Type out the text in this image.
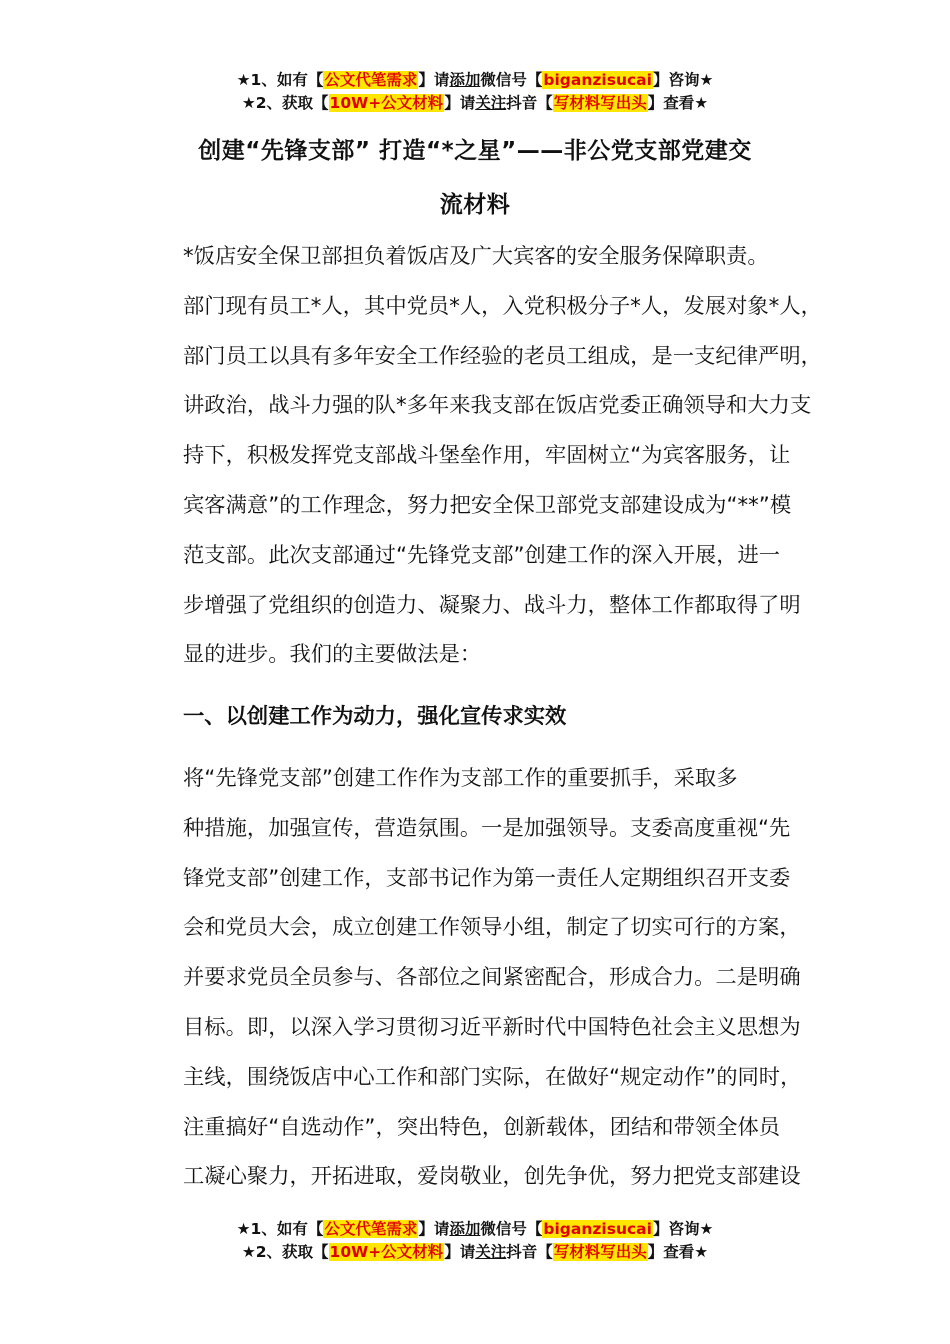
★1、如有【公文代笔需求】请添加微信号【biganzisucai】咨询★
★2、获取【10W+公文材料】请关注抖音【写材料写出头】查看★
创建“先锋支部” 打造“*之星”——非公党支部党建交
流材料

*饭店安全保卫部担负着饭店及广大宾客的安全服务保障职责。
部门现有员工*人，其中党员*人，入党积极分子*人，发展对象*人，
部门员工以具有多年安全工作经验的老员工组成，是一支纪律严明，
讲政治，战斗力强的队*多年来我支部在饭店党委正确领导和大力支
持下，积极发挥党支部战斗堡垒作用，牢固树立“为宾客服务，让
宾客满意”的工作理念，努力把安全保卫部党支部建设成为“**”模
范支部。此次支部通过“先锋党支部”创建工作的深入开展，进一
步增强了党组织的创造力、凝聚力、战斗力，整体工作都取得了明
显的进步。我们的主要做法是：

一、以创建工作为动力，强化宣传求实效

将“先锋党支部”创建工作作为支部工作的重要抓手，采取多
种措施，加强宣传，营造氛围。一是加强领导。支委高度重视“先
锋党支部”创建工作，支部书记作为第一责任人定期组织召开支委
会和党员大会，成立创建工作领导小组，制定了切实可行的方案，
并要求党员全员参与、各部位之间紧密配合，形成合力。二是明确
目标。即，以深入学习贯彻习近平新时代中国特色社会主义思想为
主线，围绕饭店中心工作和部门实际，在做好“规定动作”的同时，
注重搞好“自选动作”，突出特色，创新载体，团结和带领全体员
工凝心聚力，开拓进取，爱岗敬业，创先争优，努力把党支部建设

★1、如有【公文代笔需求】请添加微信号【biganzisucai】咨询★
★2、获取【10W+公文材料】请关注抖音【写材料写出头】查看★
